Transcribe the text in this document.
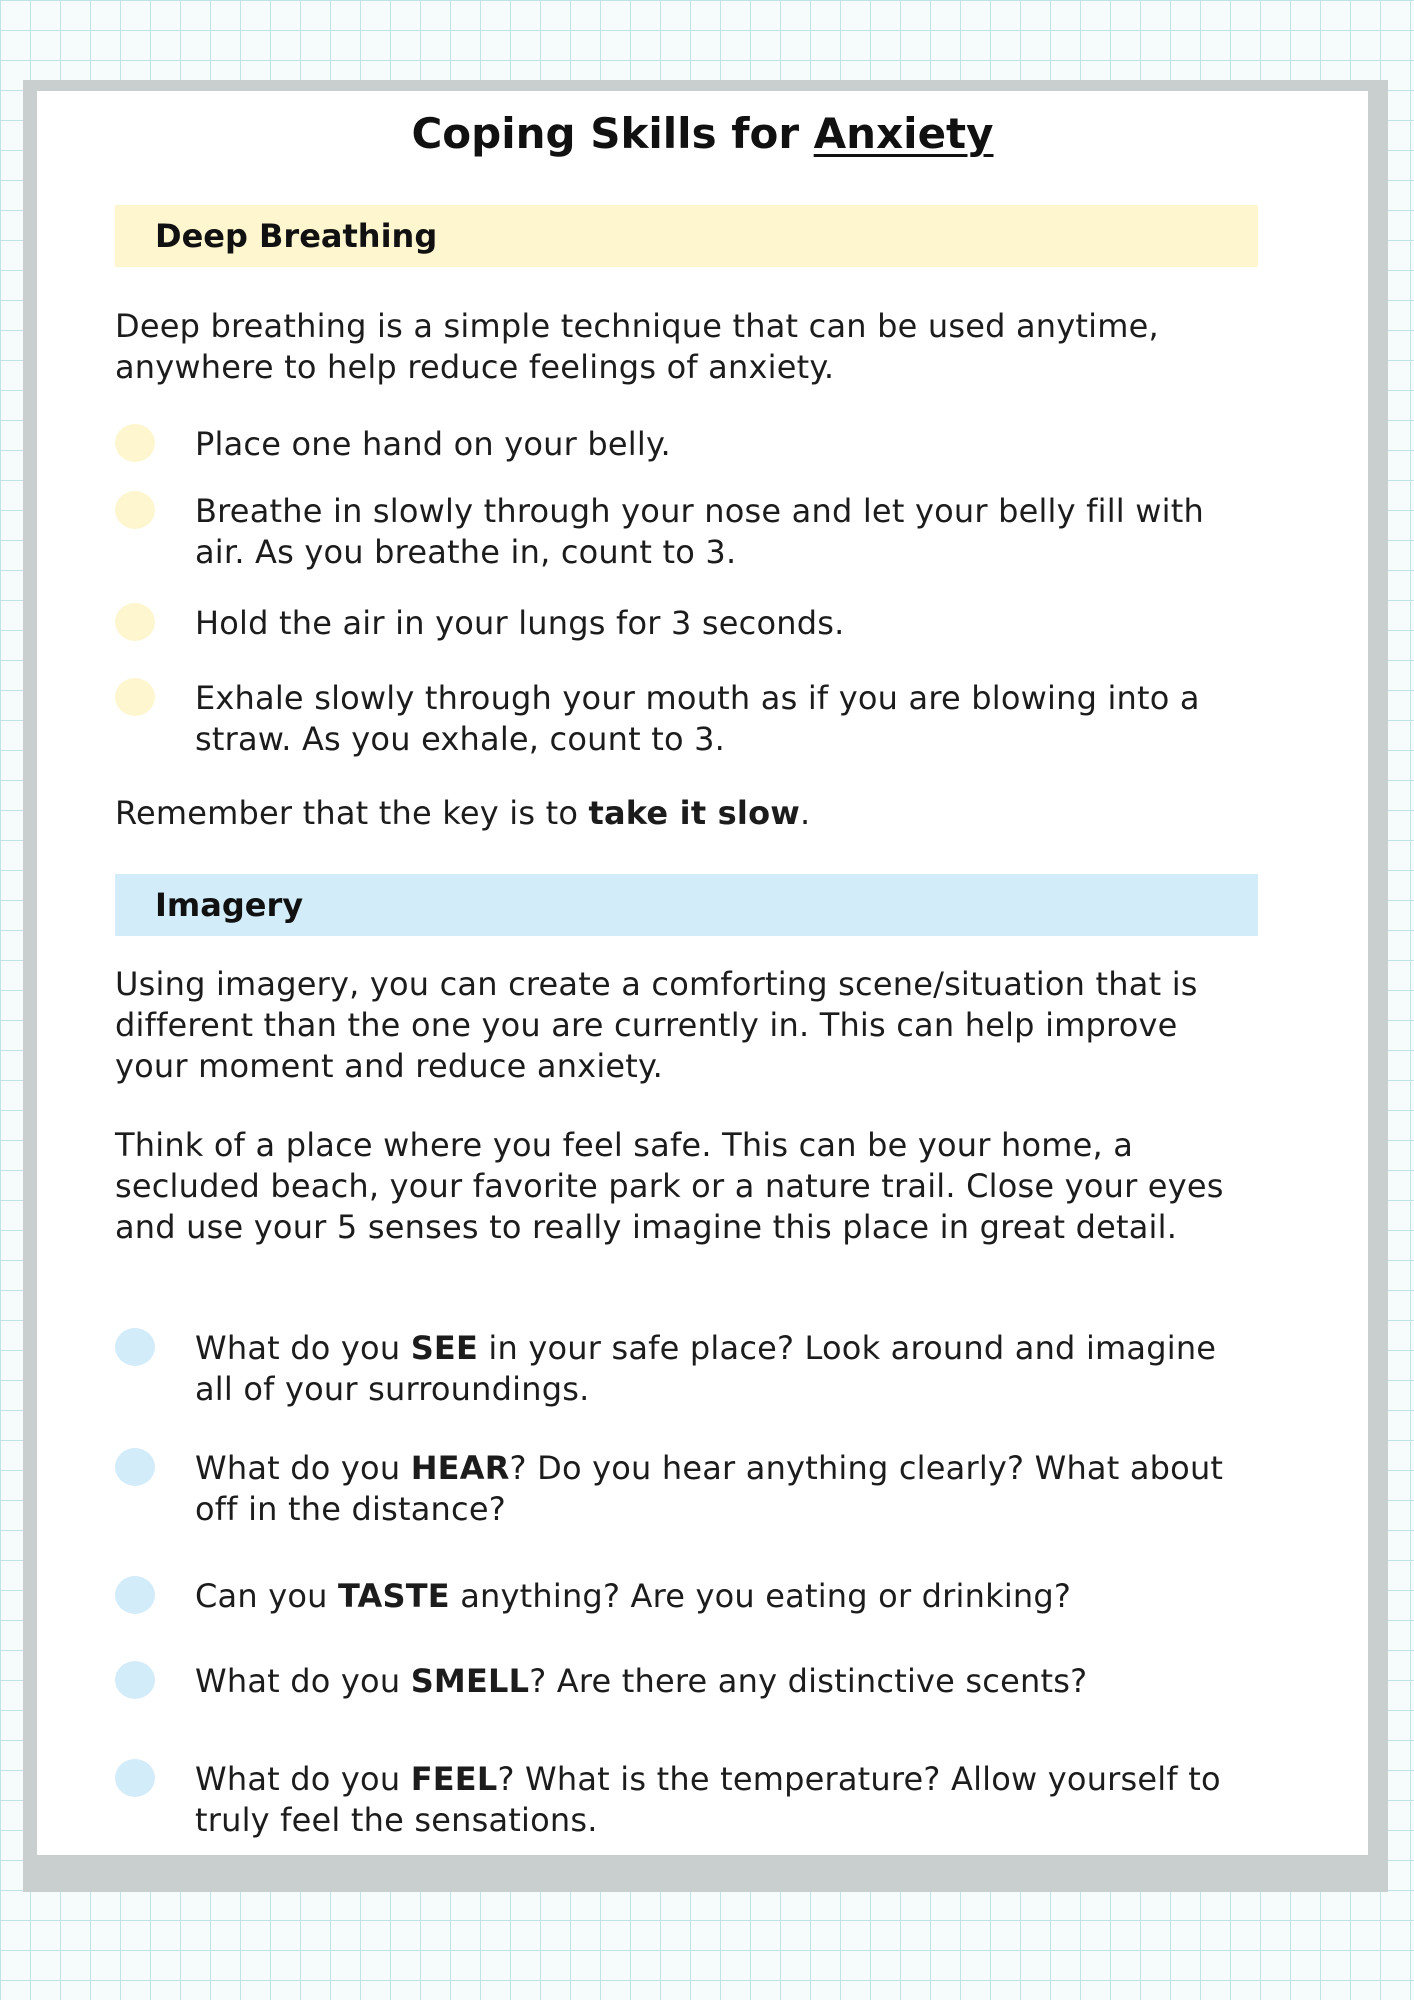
Coping Skills for Anxiety
Deep Breathing

Deep breathing is a simple technique that can be used anytime, anywhere to help reduce feelings of anxiety.

Place one hand on your belly.
Breathe in slowly through your nose and let your belly fill with air. As you breathe in, count to 3.
Hold the air in your lungs for 3 seconds.
Exhale slowly through your mouth as if you are blowing into a straw. As you exhale, count to 3.

Remember that the key is to take it slow.

Imagery

Using imagery, you can create a comforting scene/situation that is different than the one you are currently in. This can help improve your moment and reduce anxiety.

Think of a place where you feel safe. This can be your home, a secluded beach, your favorite park or a nature trail. Close your eyes and use your 5 senses to really imagine this place in great detail.

What do you SEE in your safe place? Look around and imagine all of your surroundings.
What do you HEAR? Do you hear anything clearly? What about off in the distance?
Can you TASTE anything? Are you eating or drinking?
What do you SMELL? Are there any distinctive scents?
What do you FEEL? What is the temperature? Allow yourself to truly feel the sensations.
